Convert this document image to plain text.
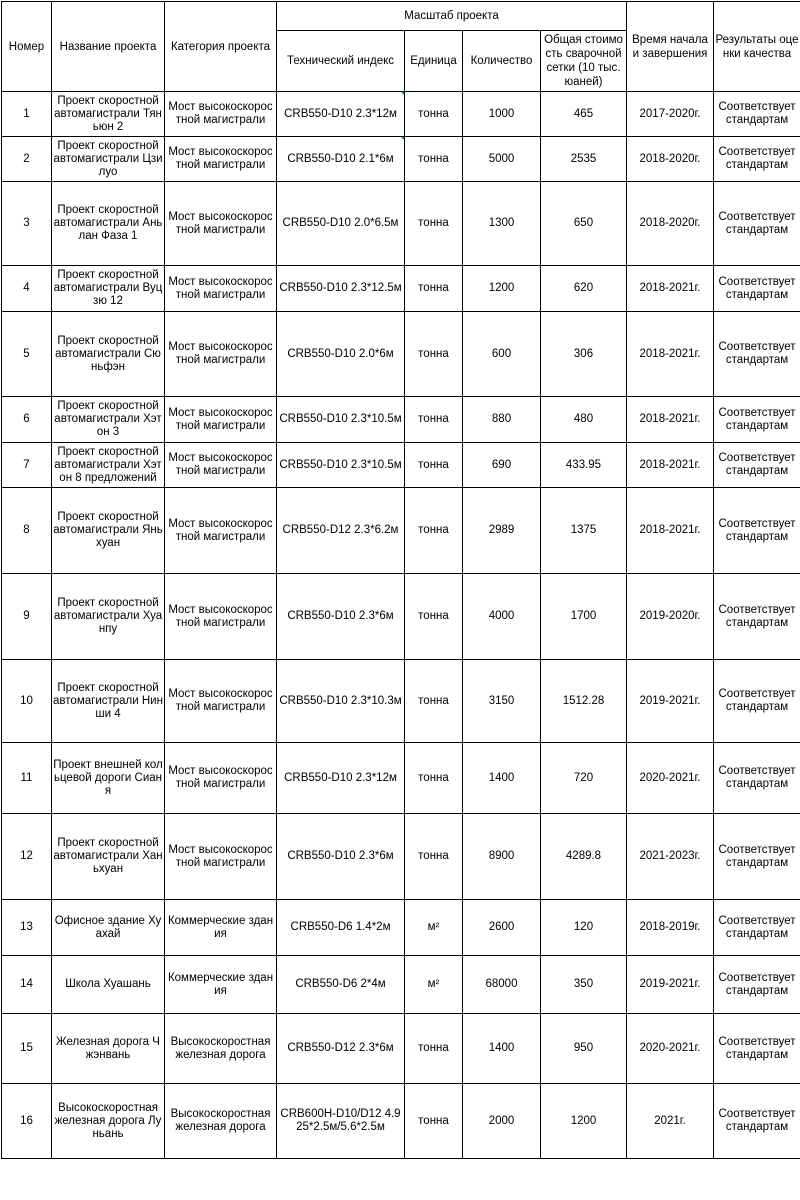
Номер	Название проекта	Категория проекта	Масштаб проекта				Время начала и завершения	Результаты оценки качества
			Технический индекс	Единица	Количество	Общая стоимость сварочной сетки (10 тыс. юаней)		
1	Проект скоростной автомагистрали Тяньюн 2	Мост высокоскоростной магистрали	CRB550-D10 2.3*12м	тонна	1000	465	2017-2020г.	Соответствует стандартам
2	Проект скоростной автомагистрали Цзилуо	Мост высокоскоростной магистрали	CRB550-D10 2.1*6м	тонна	5000	2535	2018-2020г.	Соответствует стандартам
3	Проект скоростной автомагистрали Аньлан Фаза 1	Мост высокоскоростной магистрали	CRB550-D10 2.0*6.5м	тонна	1300	650	2018-2020г.	Соответствует стандартам
4	Проект скоростной автомагистрали Вуцзю 12	Мост высокоскоростной магистрали	CRB550-D10 2.3*12.5м	тонна	1200	620	2018-2021г.	Соответствует стандартам
5	Проект скоростной автомагистрали Сюньфэн	Мост высокоскоростной магистрали	CRB550-D10 2.0*6м	тонна	600	306	2018-2021г.	Соответствует стандартам
6	Проект скоростной автомагистрали Хэтон 3	Мост высокоскоростной магистрали	CRB550-D10 2.3*10.5м	тонна	880	480	2018-2021г.	Соответствует стандартам
7	Проект скоростной автомагистрали Хэтон 8 предложений	Мост высокоскоростной магистрали	CRB550-D10 2.3*10.5м	тонна	690	433.95	2018-2021г.	Соответствует стандартам
8	Проект скоростной автомагистрали Яньхуан	Мост высокоскоростной магистрали	CRB550-D12 2.3*6.2м	тонна	2989	1375	2018-2021г.	Соответствует стандартам
9	Проект скоростной автомагистрали Хуанпу	Мост высокоскоростной магистрали	CRB550-D10 2.3*6м	тонна	4000	1700	2019-2020г.	Соответствует стандартам
10	Проект скоростной автомагистрали Нинши 4	Мост высокоскоростной магистрали	CRB550-D10 2.3*10.3м	тонна	3150	1512.28	2019-2021г.	Соответствует стандартам
11	Проект внешней кольцевой дороги Сианя	Мост высокоскоростной магистрали	CRB550-D10 2.3*12м	тонна	1400	720	2020-2021г.	Соответствует стандартам
12	Проект скоростной автомагистрали Ханьхуан	Мост высокоскоростной магистрали	CRB550-D10 2.3*6м	тонна	8900	4289.8	2021-2023г.	Соответствует стандартам
13	Офисное здание Хуахай	Коммерческие здания	CRB550-D6 1.4*2м	м²	2600	120	2018-2019г.	Соответствует стандартам
14	Школа Хуашань	Коммерческие здания	CRB550-D6 2*4м	м²	68000	350	2019-2021г.	Соответствует стандартам
15	Железная дорога Чжэнвань	Высокоскоростная железная дорога	CRB550-D12 2.3*6м	тонна	1400	950	2020-2021г.	Соответствует стандартам
16	Высокоскоростная железная дорога Луньань	Высокоскоростная железная дорога	CRB600H-D10/D12 4.925*2.5м/5.6*2.5м	тонна	2000	1200	2021г.	Соответствует стандартам
